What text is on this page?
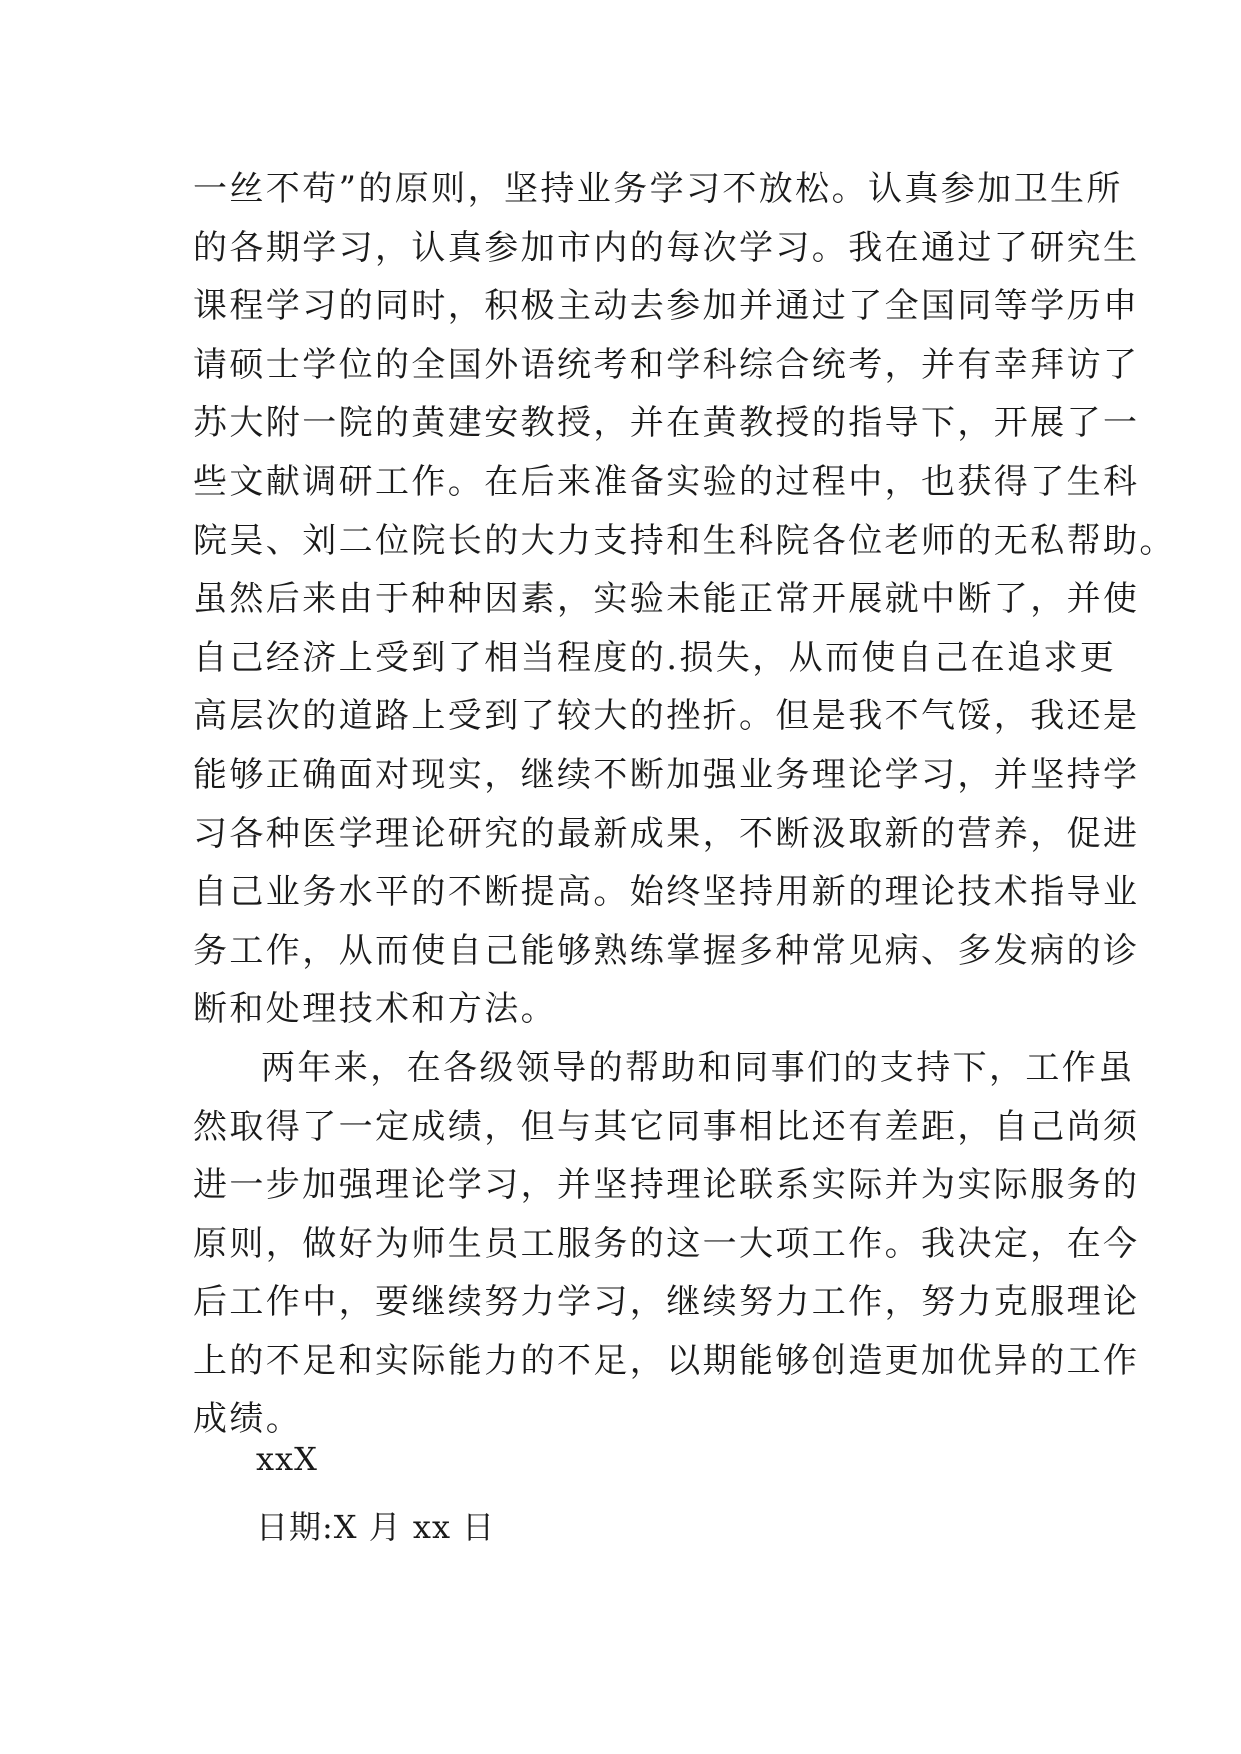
一丝不苟”的原则，坚持业务学习不放松。认真参加卫生所
的各期学习，认真参加市内的每次学习。我在通过了研究生
课程学习的同时，积极主动去参加并通过了全国同等学历申
请硕士学位的全国外语统考和学科综合统考，并有幸拜访了
苏大附一院的黄建安教授，并在黄教授的指导下，开展了一
些文献调研工作。在后来准备实验的过程中，也获得了生科
院吴、刘二位院长的大力支持和生科院各位老师的无私帮助。
虽然后来由于种种因素，实验未能正常开展就中断了，并使
自己经济上受到了相当程度的.损失，从而使自己在追求更
高层次的道路上受到了较大的挫折。但是我不气馁，我还是
能够正确面对现实，继续不断加强业务理论学习，并坚持学
习各种医学理论研究的最新成果，不断汲取新的营养，促进
自己业务水平的不断提高。始终坚持用新的理论技术指导业
务工作，从而使自己能够熟练掌握多种常见病、多发病的诊
断和处理技术和方法。
两年来，在各级领导的帮助和同事们的支持下，工作虽
然取得了一定成绩，但与其它同事相比还有差距，自己尚须
进一步加强理论学习，并坚持理论联系实际并为实际服务的
原则，做好为师生员工服务的这一大项工作。我决定，在今
后工作中，要继续努力学习，继续努力工作，努力克服理论
上的不足和实际能力的不足，以期能够创造更加优异的工作
成绩。
xxX
日期:X 月 xx 日
